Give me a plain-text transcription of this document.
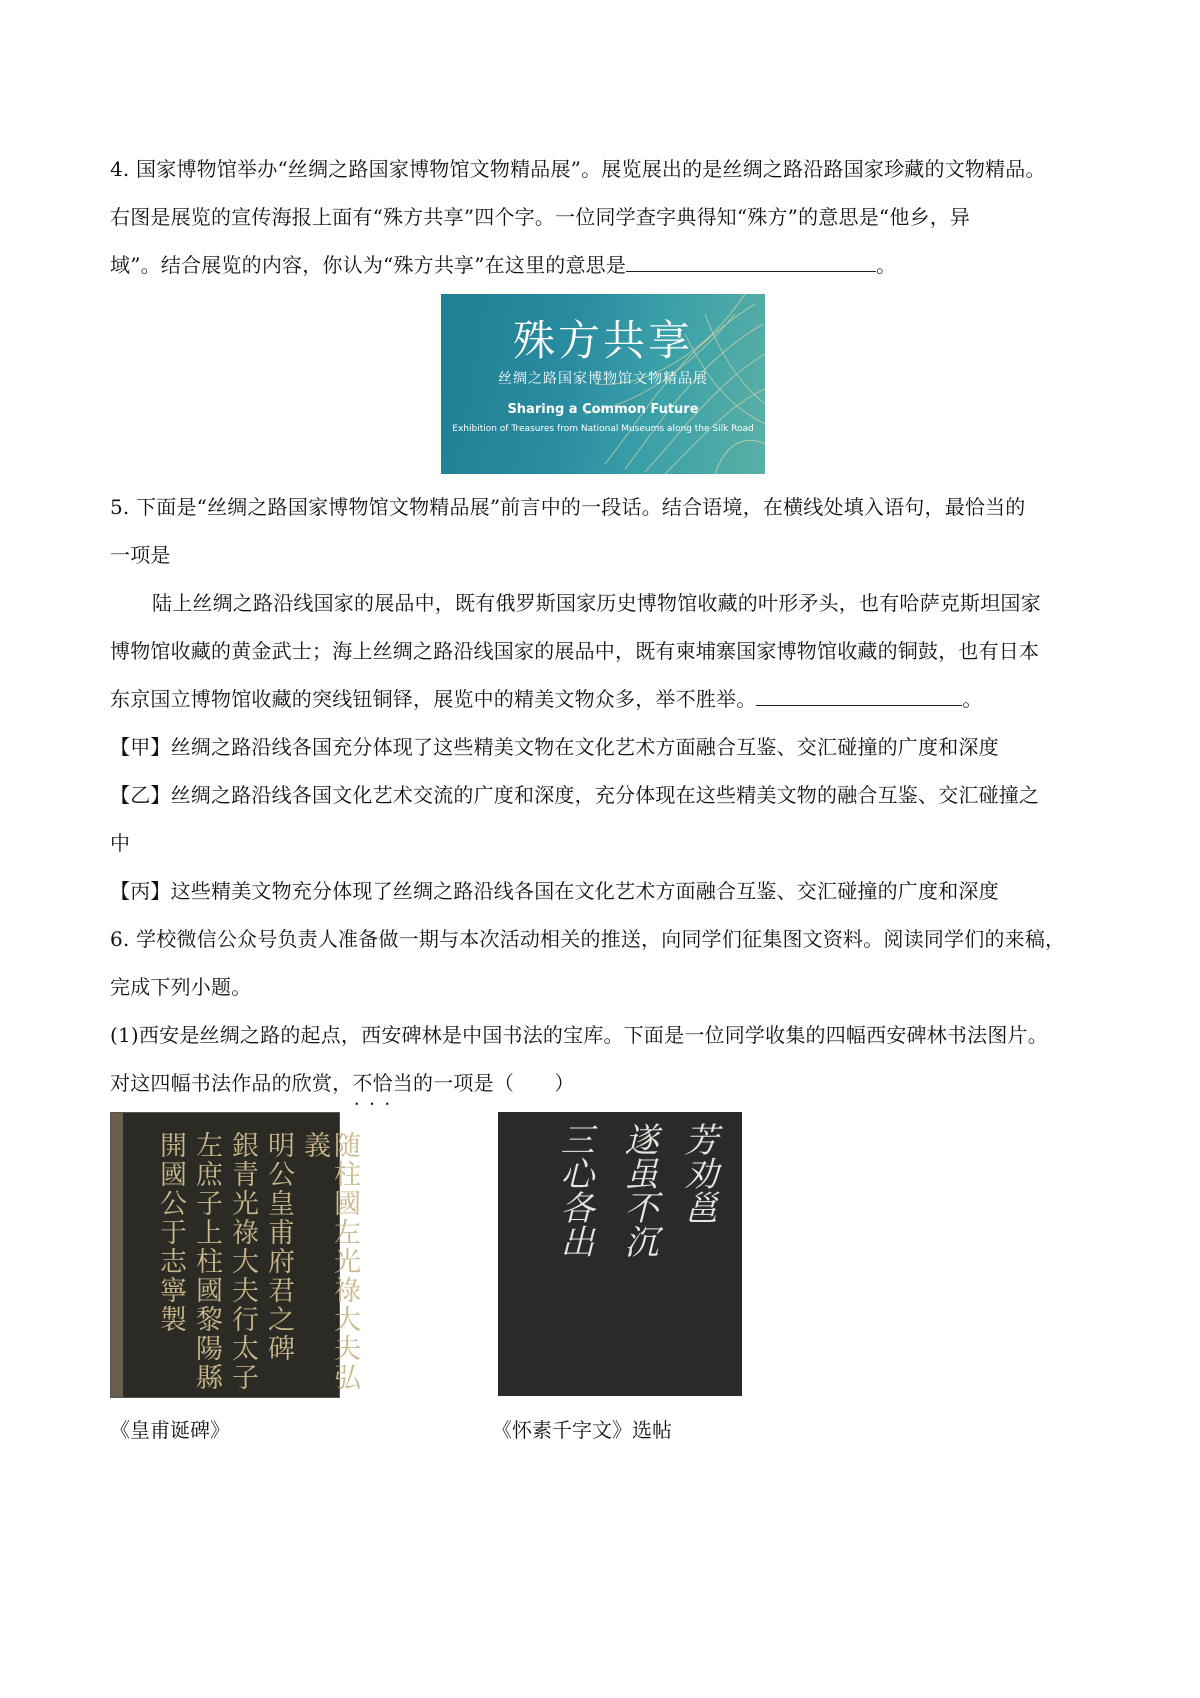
4. 国家博物馆举办“丝绸之路国家博物馆文物精品展”。展览展出的是丝绸之路沿路国家珍藏的文物精品。
右图是展览的宣传海报上面有“殊方共享”四个字。一位同学查字典得知“殊方”的意思是“他乡，异
域”。结合展览的内容，你认为“殊方共享”在这里的意思是	。
殊方共享
丝绸之路国家博物馆文物精品展
Sharing a Common Future
Exhibition of Treasures from National Museums along the Silk Road
5. 下面是“丝绸之路国家博物馆文物精品展”前言中的一段话。结合语境，在横线处填入语句，最恰当的
一项是
陆上丝绸之路沿线国家的展品中，既有俄罗斯国家历史博物馆收藏的叶形矛头，也有哈萨克斯坦国家
博物馆收藏的黄金武士；海上丝绸之路沿线国家的展品中，既有柬埔寨国家博物馆收藏的铜鼓，也有日本
东京国立博物馆收藏的突线钮铜铎，展览中的精美文物众多，举不胜举。	。
【甲】丝绸之路沿线各国充分体现了这些精美文物在文化艺术方面融合互鉴、交汇碰撞的广度和深度
【乙】丝绸之路沿线各国文化艺术交流的广度和深度，充分体现在这些精美文物的融合互鉴、交汇碰撞之
中
【丙】这些精美文物充分体现了丝绸之路沿线各国在文化艺术方面融合互鉴、交汇碰撞的广度和深度
6. 学校微信公众号负责人准备做一期与本次活动相关的推送，向同学们征集图文资料。阅读同学们的来稿，
完成下列小题。
(1)西安是丝绸之路的起点，西安碑林是中国书法的宝库。下面是一位同学收集的四幅西安碑林书法图片。
对这四幅书法作品的欣赏，不恰当 • • •的一项是（　　）
随柱國左光祿大夫弘義
明公皇甫府君之碑
銀青光祿大夫行太子
左庶子上柱國黎陽縣
開國公于志寧製
《皇甫诞碑》
芳劝邕
遂虽不沉
三心各出
《怀素千字文》选帖
